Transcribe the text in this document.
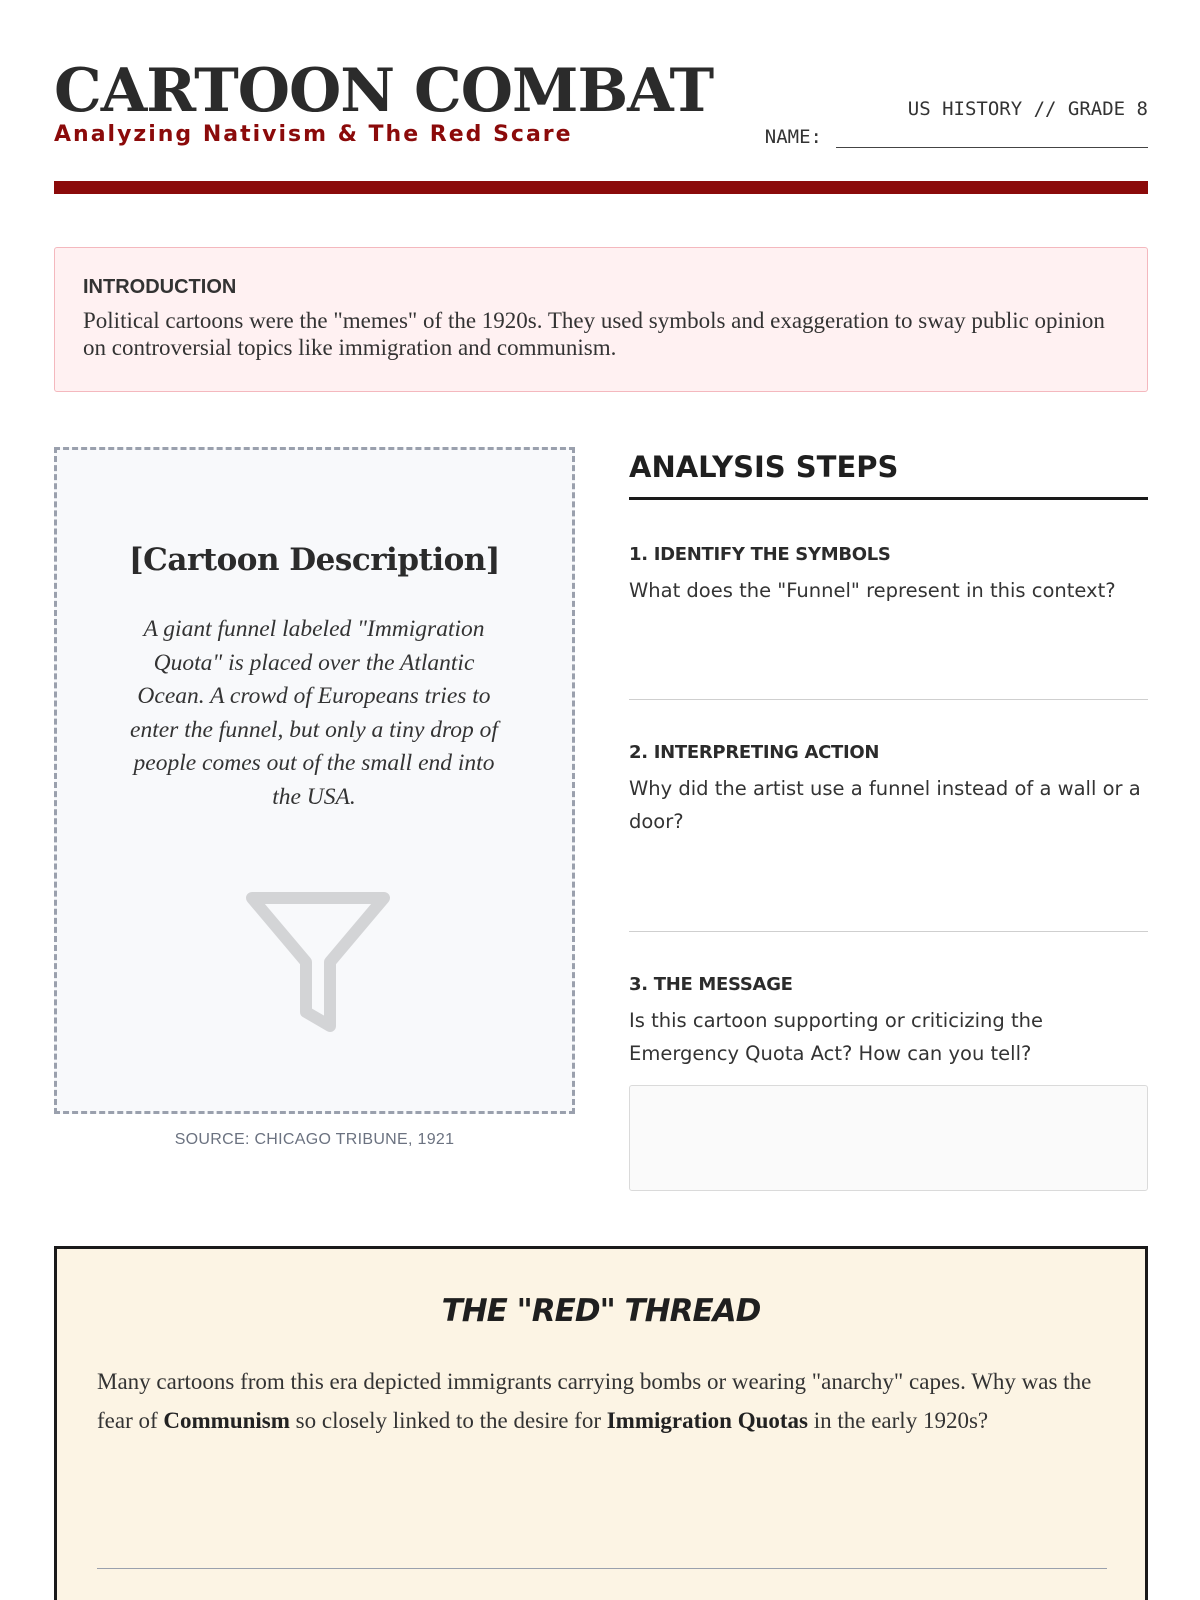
CARTOON COMBAT
Analyzing Nativism & The Red Scare
US HISTORY // GRADE 8
NAME:
INTRODUCTION
Political cartoons were the "memes" of the 1920s. They used symbols and exaggeration to sway public opinion on controversial topics like immigration and communism.
[Cartoon Description]
A giant funnel labeled "Immigration Quota" is placed over the Atlantic Ocean. A crowd of Europeans tries to enter the funnel, but only a tiny drop of people comes out of the small end into the USA.
SOURCE: CHICAGO TRIBUNE, 1921
ANALYSIS STEPS
1. IDENTIFY THE SYMBOLS
What does the "Funnel" represent in this context?
2. INTERPRETING ACTION
Why did the artist use a funnel instead of a wall or a door?
3. THE MESSAGE
Is this cartoon supporting or criticizing the Emergency Quota Act? How can you tell?
THE "RED" THREAD
Many cartoons from this era depicted immigrants carrying bombs or wearing "anarchy" capes. Why was the fear of Communism so closely linked to the desire for Immigration Quotas in the early 1920s?
